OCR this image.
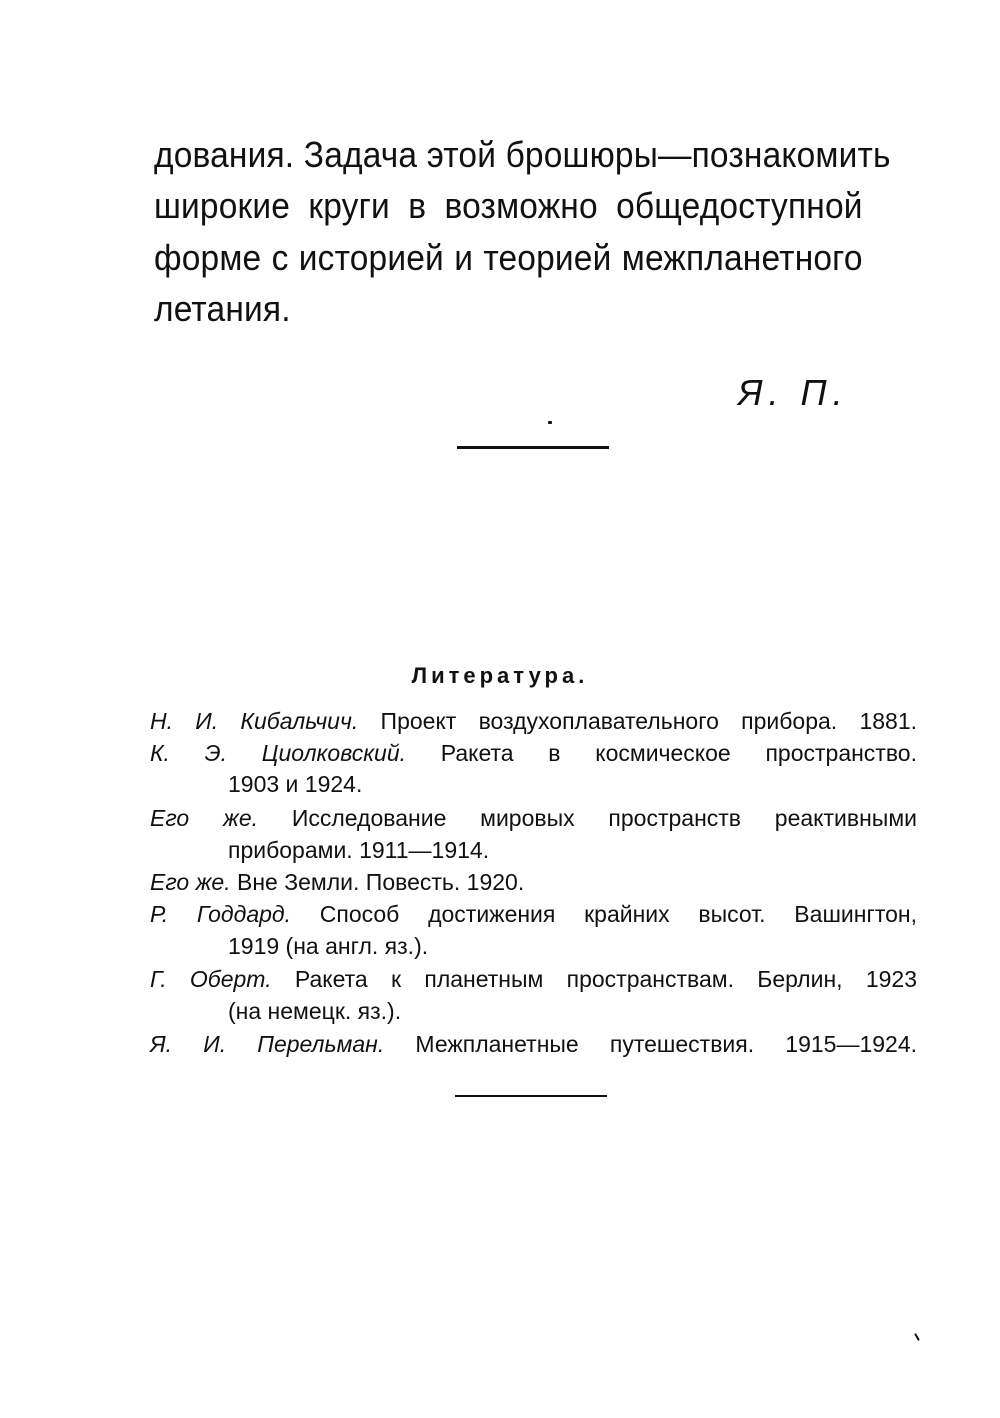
дования. Задача этой брошюры—познакомить
широкие круги в возможно общедоступной
форме с историей и теорией межпланетного
летания.
Я. П.
Литература.
Н. И. Кибальчич. Проект воздухоплавательного прибора. 1881.
К. Э. Циолковский. Ракета в космическое пространство.
1903 и 1924.
Его же. Исследование мировых пространств реактивными
приборами. 1911—1914.
Его же. Вне Земли. Повесть. 1920.
Р. Годдард. Способ достижения крайних высот. Вашингтон,
1919 (на англ. яз.).
Г. Оберт. Ракета к планетным пространствам. Берлин, 1923
(на немецк. яз.).
Я. И. Перельман. Межпланетные путешествия. 1915—1924.
